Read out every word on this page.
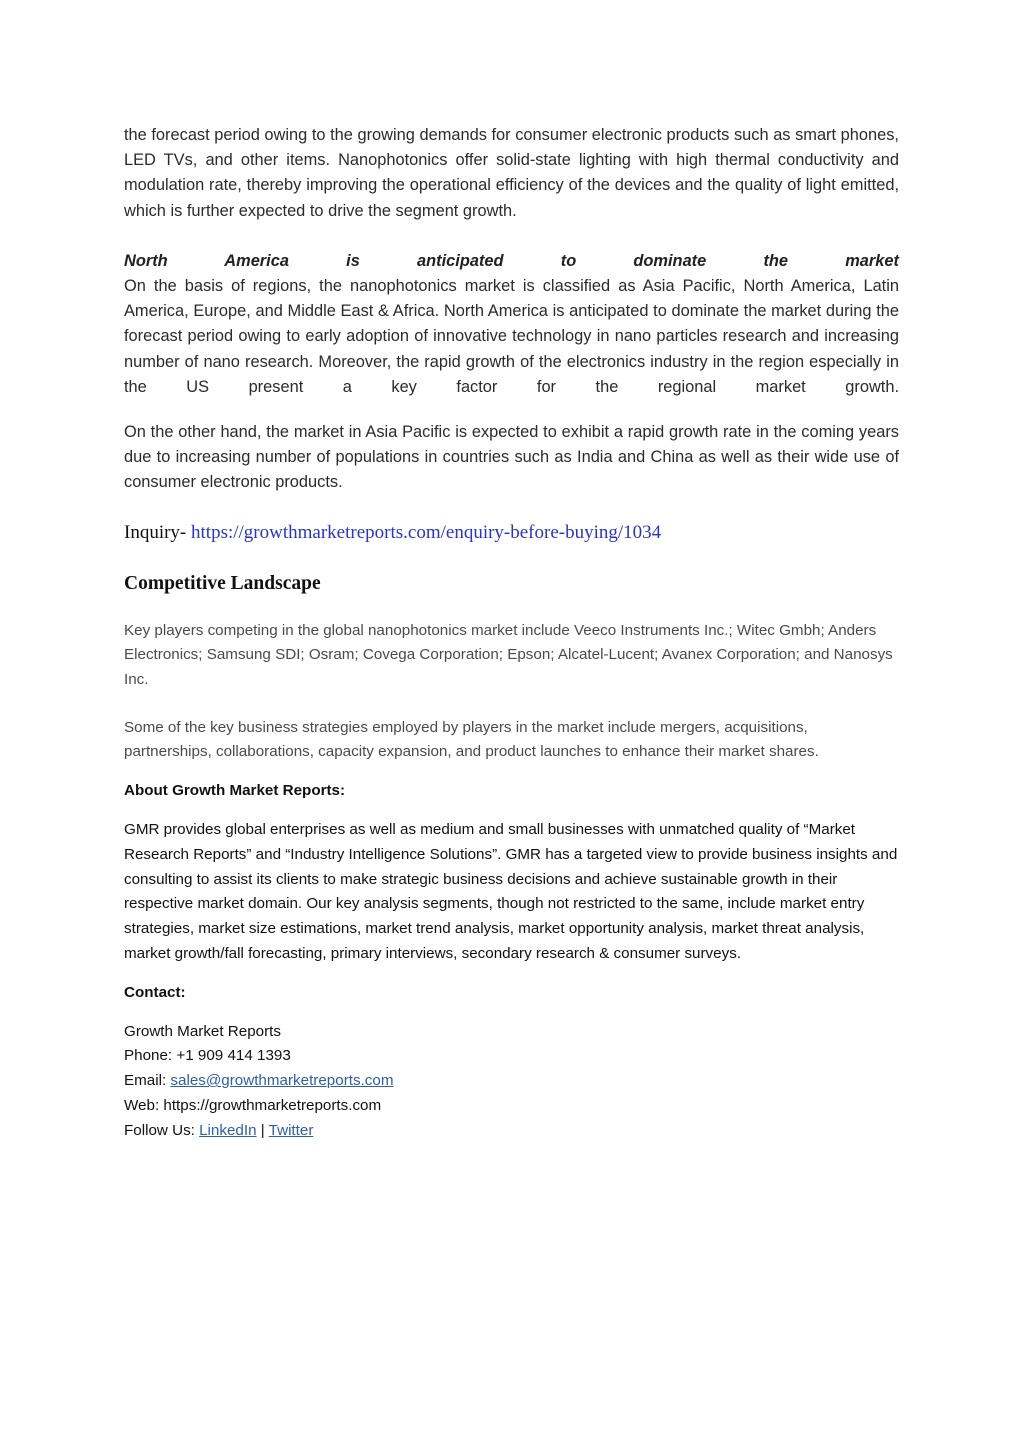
the forecast period owing to the growing demands for consumer electronic products such as smart phones, LED TVs, and other items. Nanophotonics offer solid-state lighting with high thermal conductivity and modulation rate, thereby improving the operational efficiency of the devices and the quality of light emitted, which is further expected to drive the segment growth.

North America is anticipated to dominate the market

On the basis of regions, the nanophotonics market is classified as Asia Pacific, North America, Latin America, Europe, and Middle East & Africa. North America is anticipated to dominate the market during the forecast period owing to early adoption of innovative technology in nano particles research and increasing number of nano research. Moreover, the rapid growth of the electronics industry in the region especially in the US present a key factor for the regional market growth.

On the other hand, the market in Asia Pacific is expected to exhibit a rapid growth rate in the coming years due to increasing number of populations in countries such as India and China as well as their wide use of consumer electronic products.

Inquiry- https://growthmarketreports.com/enquiry-before-buying/1034

Competitive Landscape

Key players competing in the global nanophotonics market include Veeco Instruments Inc.; Witec Gmbh; Anders Electronics; Samsung SDI; Osram; Covega Corporation; Epson; Alcatel-Lucent; Avanex Corporation; and Nanosys Inc.

Some of the key business strategies employed by players in the market include mergers, acquisitions, partnerships, collaborations, capacity expansion, and product launches to enhance their market shares.

About Growth Market Reports:

GMR provides global enterprises as well as medium and small businesses with unmatched quality of “Market Research Reports” and “Industry Intelligence Solutions”. GMR has a targeted view to provide business insights and consulting to assist its clients to make strategic business decisions and achieve sustainable growth in their respective market domain. Our key analysis segments, though not restricted to the same, include market entry strategies, market size estimations, market trend analysis, market opportunity analysis, market threat analysis, market growth/fall forecasting, primary interviews, secondary research & consumer surveys.

Contact:

Growth Market Reports

Phone: +1 909 414 1393

Email: sales@growthmarketreports.com

Web: https://growthmarketreports.com

Follow Us: LinkedIn | Twitter
